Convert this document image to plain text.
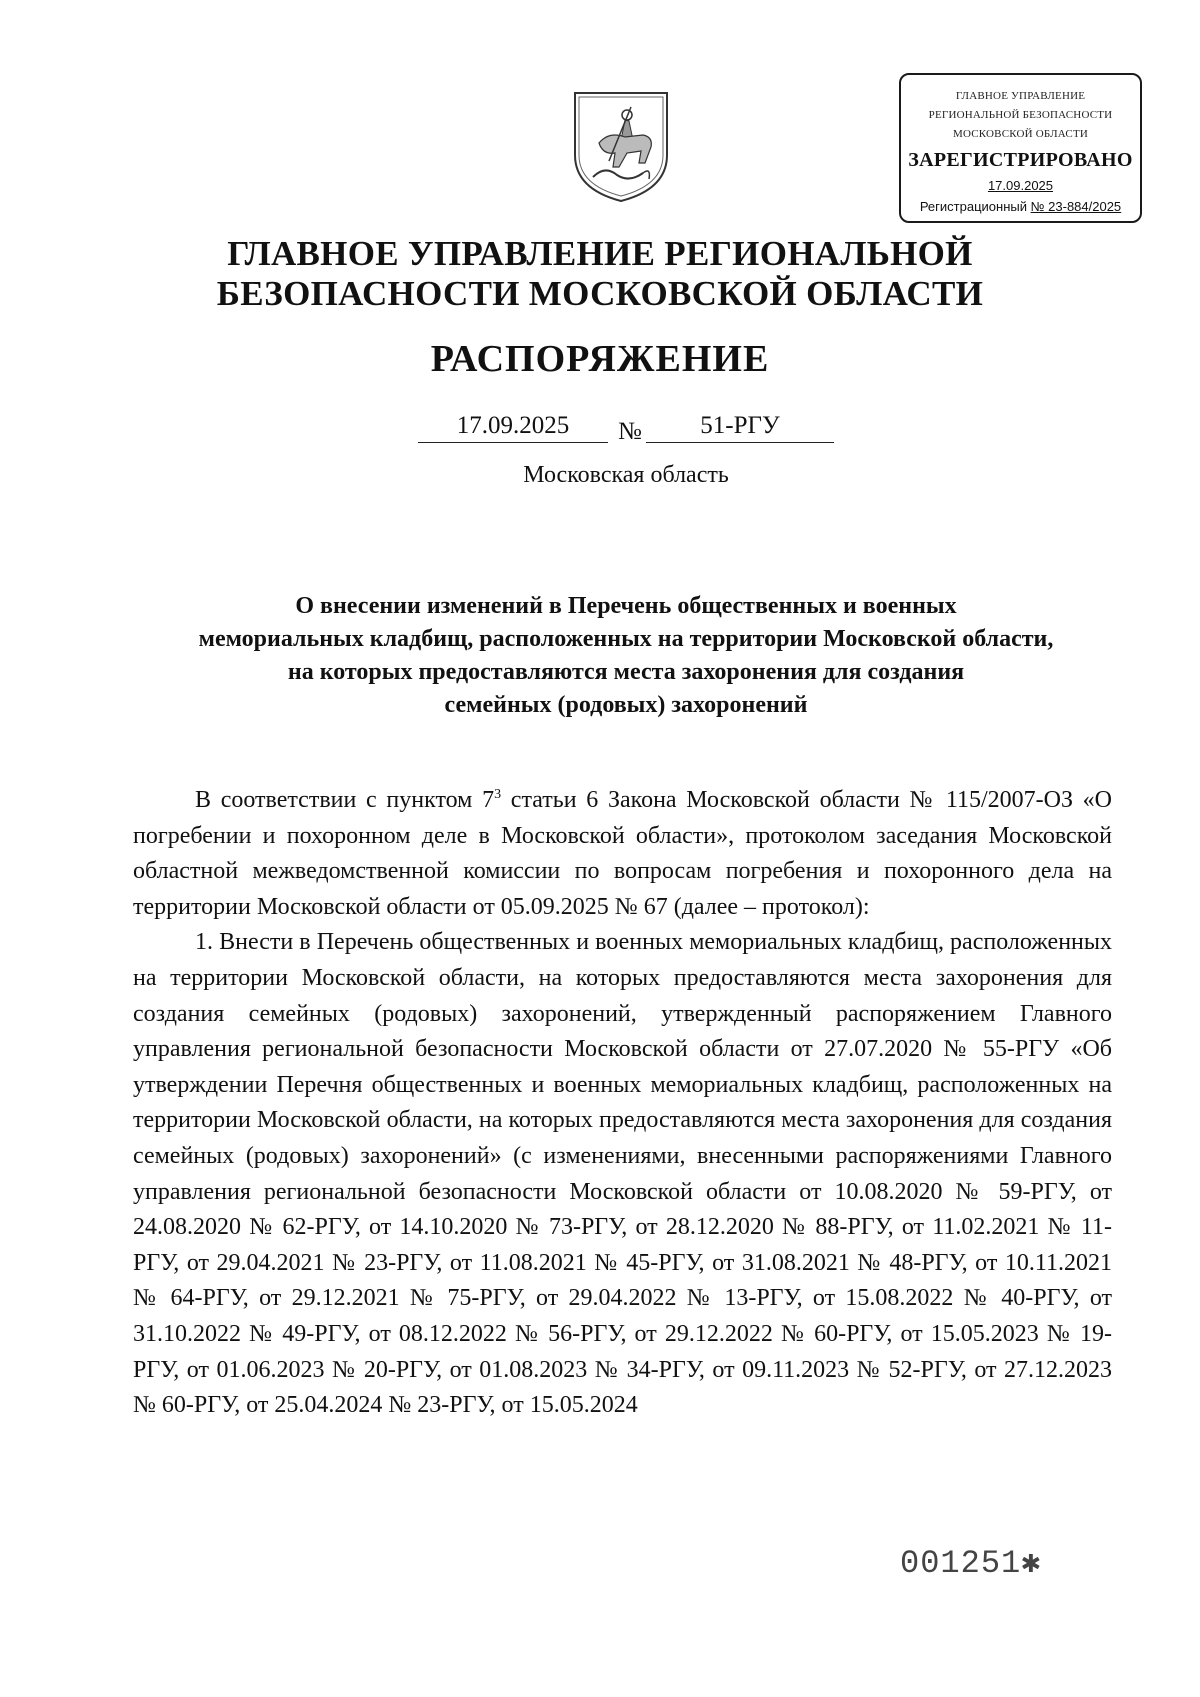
ГЛАВНОЕ УПРАВЛЕНИЕ
РЕГИОНАЛЬНОЙ БЕЗОПАСНОСТИ
МОСКОВСКОЙ ОБЛАСТИ
ЗАРЕГИСТРИРОВАНО
17.09.2025
Регистрационный № 23-884/2025
ГЛАВНОЕ УПРАВЛЕНИЕ РЕГИОНАЛЬНОЙ
БЕЗОПАСНОСТИ МОСКОВСКОЙ ОБЛАСТИ
РАСПОРЯЖЕНИЕ
17.09.2025	№	51-РГУ
Московская область
О внесении изменений в Перечень общественных и военных
мемориальных кладбищ, расположенных на территории Московской области,
на которых предоставляются места захоронения для создания
семейных (родовых) захоронений

В соответствии с пунктом $7^3$ статьи 6 Закона Московской области № 115/2007-ОЗ «О погребении и похоронном деле в Московской области», протоколом заседания Московской областной межведомственной комиссии по вопросам погребения и похоронного дела на территории Московской области от 05.09.2025 № 67 (далее – протокол):

1. Внести в Перечень общественных и военных мемориальных кладбищ, расположенных на территории Московской области, на которых предоставляются места захоронения для создания семейных (родовых) захоронений, утвержденный распоряжением Главного управления региональной безопасности Московской области от 27.07.2020 № 55-РГУ «Об утверждении Перечня общественных и военных мемориальных кладбищ, расположенных на территории Московской области, на которых предоставляются места захоронения для создания семейных (родовых) захоронений» (с изменениями, внесенными распоряжениями Главного управления региональной безопасности Московской области от 10.08.2020 № 59-РГУ, от 24.08.2020 № 62-РГУ, от 14.10.2020 № 73-РГУ, от 28.12.2020 № 88-РГУ, от 11.02.2021 № 11-РГУ, от 29.04.2021 № 23-РГУ, от 11.08.2021 № 45-РГУ, от 31.08.2021 № 48-РГУ, от 10.11.2021 № 64-РГУ, от 29.12.2021 № 75-РГУ, от 29.04.2022 № 13-РГУ, от 15.08.2022 № 40-РГУ, от 31.10.2022 № 49-РГУ, от 08.12.2022 № 56-РГУ, от 29.12.2022 № 60-РГУ, от 15.05.2023 № 19-РГУ, от 01.06.2023 № 20-РГУ, от 01.08.2023 № 34-РГУ, от 09.11.2023 № 52-РГУ, от 27.12.2023 № 60-РГУ, от 25.04.2024 № 23-РГУ, от 15.05.2024

001251✱
